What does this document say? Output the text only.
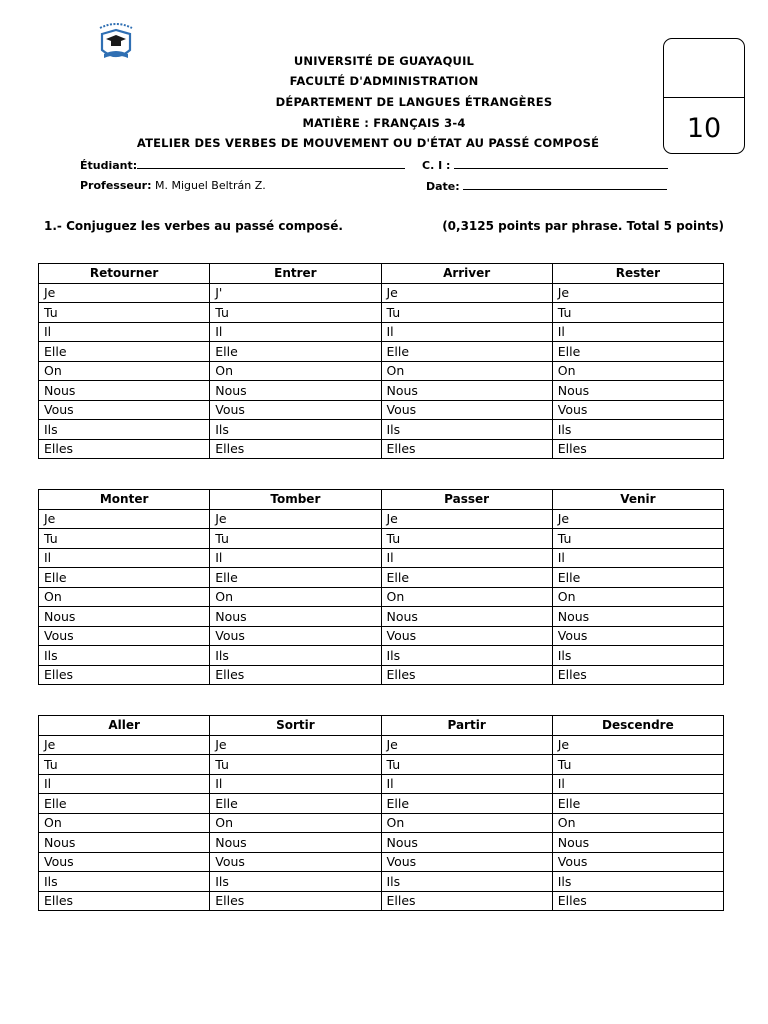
UNIVERSITÉ DE GUAYAQUIL
FACULTÉ D'ADMINISTRATION
DÉPARTEMENT DE LANGUES ÉTRANGÈRES
MATIÈRE : FRANÇAIS 3-4
ATELIER DES VERBES DE MOUVEMENT OU D'ÉTAT AU PASSÉ COMPOSÉ	10
Étudiant:	C. I :
Professeur: M. Miguel Beltrán Z.	Date:
1.- Conjuguez les verbes au passé composé.	(0,3125 points par phrase. Total 5 points)
Retourner	Entrer	Arriver	Rester
Je	J'	Je	Je
Tu	Tu	Tu	Tu
Il	Il	Il	Il
Elle	Elle	Elle	Elle
On	On	On	On
Nous	Nous	Nous	Nous
Vous	Vous	Vous	Vous
Ils	Ils	Ils	Ils
Elles	Elles	Elles	Elles
Monter	Tomber	Passer	Venir
Je	Je	Je	Je
Tu	Tu	Tu	Tu
Il	Il	Il	Il
Elle	Elle	Elle	Elle
On	On	On	On
Nous	Nous	Nous	Nous
Vous	Vous	Vous	Vous
Ils	Ils	Ils	Ils
Elles	Elles	Elles	Elles
Aller	Sortir	Partir	Descendre
Je	Je	Je	Je
Tu	Tu	Tu	Tu
Il	Il	Il	Il
Elle	Elle	Elle	Elle
On	On	On	On
Nous	Nous	Nous	Nous
Vous	Vous	Vous	Vous
Ils	Ils	Ils	Ils
Elles	Elles	Elles	Elles
